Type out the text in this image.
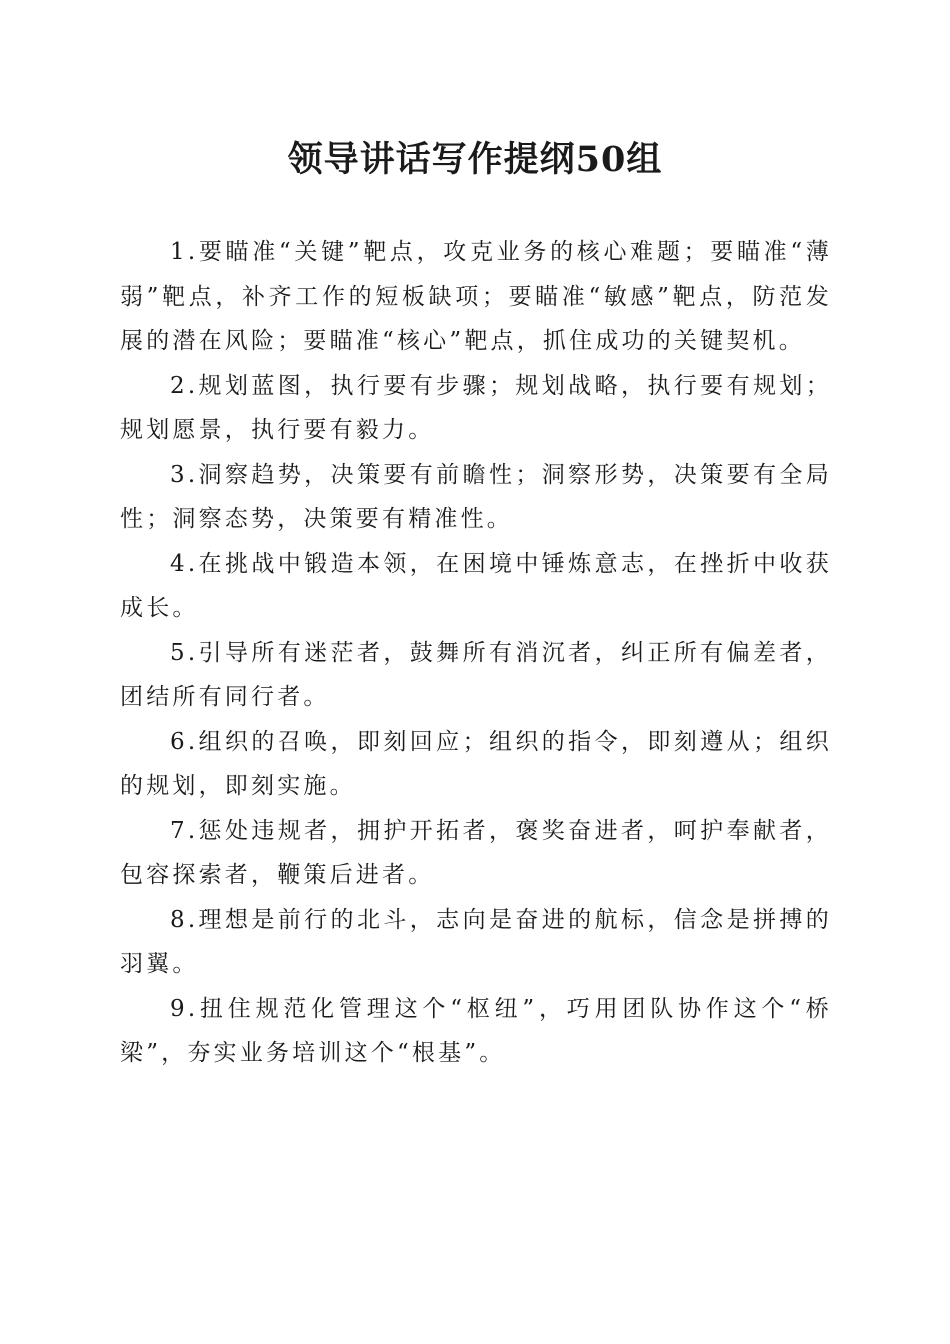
领导讲话写作提纲50组

1.要瞄准“关键”靶点，攻克业务的核心难题；要瞄准“薄弱”靶点，补齐工作的短板缺项；要瞄准“敏感”靶点，防范发展的潜在风险；要瞄准“核心”靶点，抓住成功的关键契机。

2.规划蓝图，执行要有步骤；规划战略，执行要有规划；规划愿景，执行要有毅力。

3.洞察趋势，决策要有前瞻性；洞察形势，决策要有全局性；洞察态势，决策要有精准性。

4.在挑战中锻造本领，在困境中锤炼意志，在挫折中收获成长。

5.引导所有迷茫者，鼓舞所有消沉者，纠正所有偏差者，团结所有同行者。

6.组织的召唤，即刻回应；组织的指令，即刻遵从；组织的规划，即刻实施。

7.惩处违规者，拥护开拓者，褒奖奋进者，呵护奉献者，包容探索者，鞭策后进者。

8.理想是前行的北斗，志向是奋进的航标，信念是拼搏的羽翼。

9.扭住规范化管理这个“枢纽”，巧用团队协作这个“桥梁”，夯实业务培训这个“根基”。
